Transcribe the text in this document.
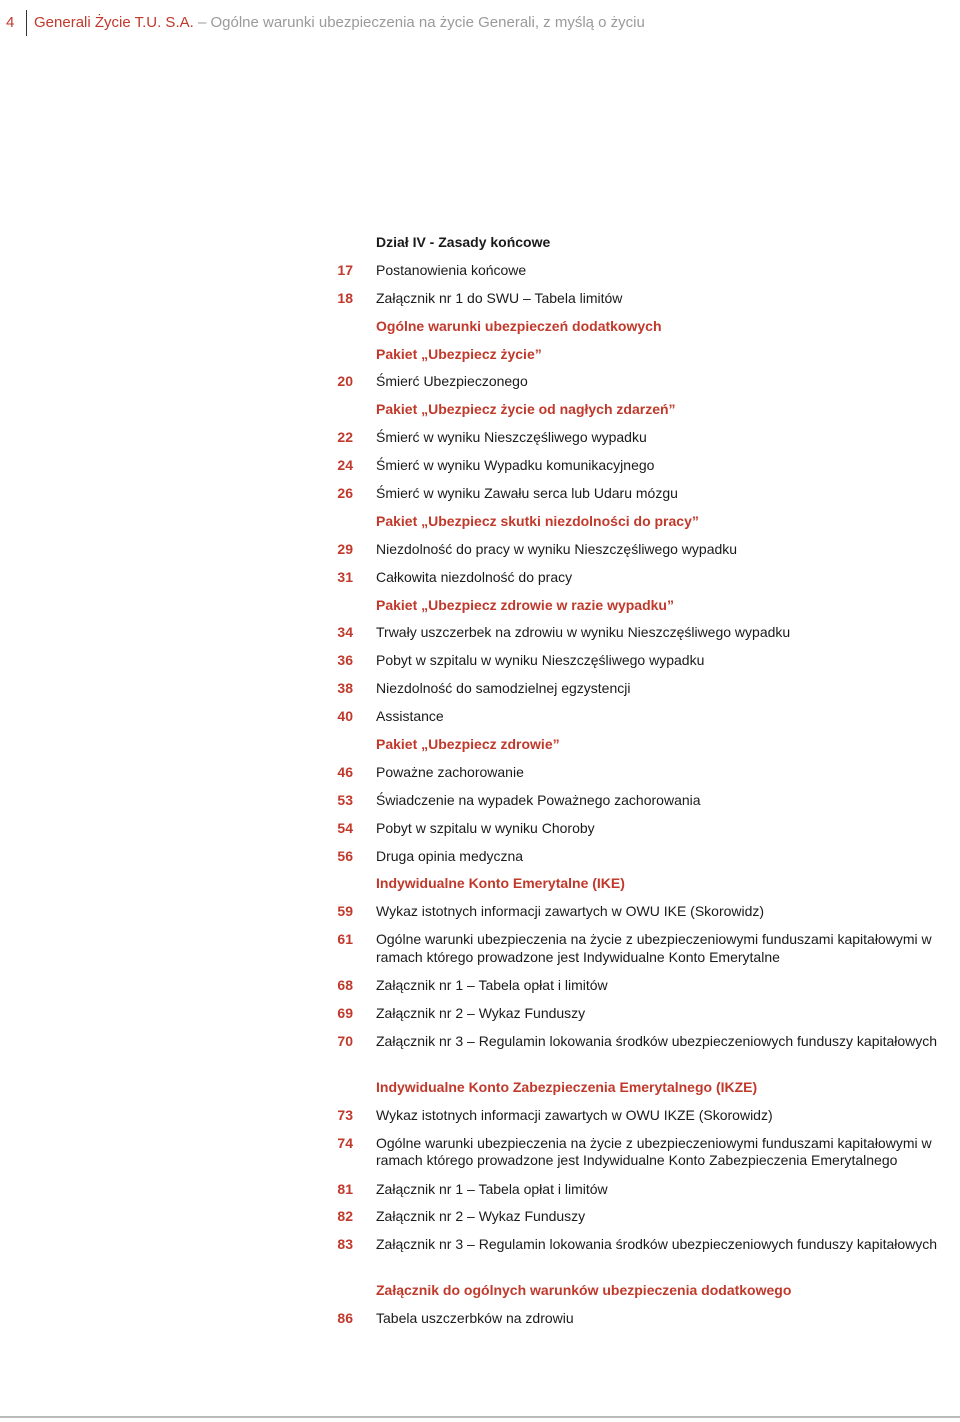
4 Generali Życie T.U. S.A. – Ogólne warunki ubezpieczenia na życie Generali, z myślą o życiu
Dział IV - Zasady końcowe
17 Postanowienia końcowe
18 Załącznik nr 1 do SWU – Tabela limitów
Ogólne warunki ubezpieczeń dodatkowych
Pakiet „Ubezpiecz życie”
20 Śmierć Ubezpieczonego
Pakiet „Ubezpiecz życie od nagłych zdarzeń”
22 Śmierć w wyniku Nieszczęśliwego wypadku
24 Śmierć w wyniku Wypadku komunikacyjnego
26 Śmierć w wyniku Zawału serca lub Udaru mózgu
Pakiet „Ubezpiecz skutki niezdolności do pracy”
29 Niezdolność do pracy w wyniku Nieszczęśliwego wypadku
31 Całkowita niezdolność do pracy
Pakiet „Ubezpiecz zdrowie w razie wypadku”
34 Trwały uszczerbek na zdrowiu w wyniku Nieszczęśliwego wypadku
36 Pobyt w szpitalu w wyniku Nieszczęśliwego wypadku
38 Niezdolność do samodzielnej egzystencji
40 Assistance
Pakiet „Ubezpiecz zdrowie”
46 Poważne zachorowanie
53 Świadczenie na wypadek Poważnego zachorowania
54 Pobyt w szpitalu w wyniku Choroby
56 Druga opinia medyczna
Indywidualne Konto Emerytalne (IKE)
59 Wykaz istotnych informacji zawartych w OWU IKE (Skorowidz)
61 Ogólne warunki ubezpieczenia na życie z ubezpieczeniowymi funduszami kapitałowymi w ramach którego prowadzone jest Indywidualne Konto Emerytalne
68 Załącznik nr 1 – Tabela opłat i limitów
69 Załącznik nr 2 – Wykaz Funduszy
70 Załącznik nr 3 – Regulamin lokowania środków ubezpieczeniowych funduszy kapitałowych
Indywidualne Konto Zabezpieczenia Emerytalnego (IKZE)
73 Wykaz istotnych informacji zawartych w OWU IKZE (Skorowidz)
74 Ogólne warunki ubezpieczenia na życie z ubezpieczeniowymi funduszami kapitałowymi w ramach którego prowadzone jest Indywidualne Konto Zabezpieczenia Emerytalnego
81 Załącznik nr 1 – Tabela opłat i limitów
82 Załącznik nr 2 – Wykaz Funduszy
83 Załącznik nr 3 – Regulamin lokowania środków ubezpieczeniowych funduszy kapitałowych
Załącznik do ogólnych warunków ubezpieczenia dodatkowego
86 Tabela uszczerbków na zdrowiu
